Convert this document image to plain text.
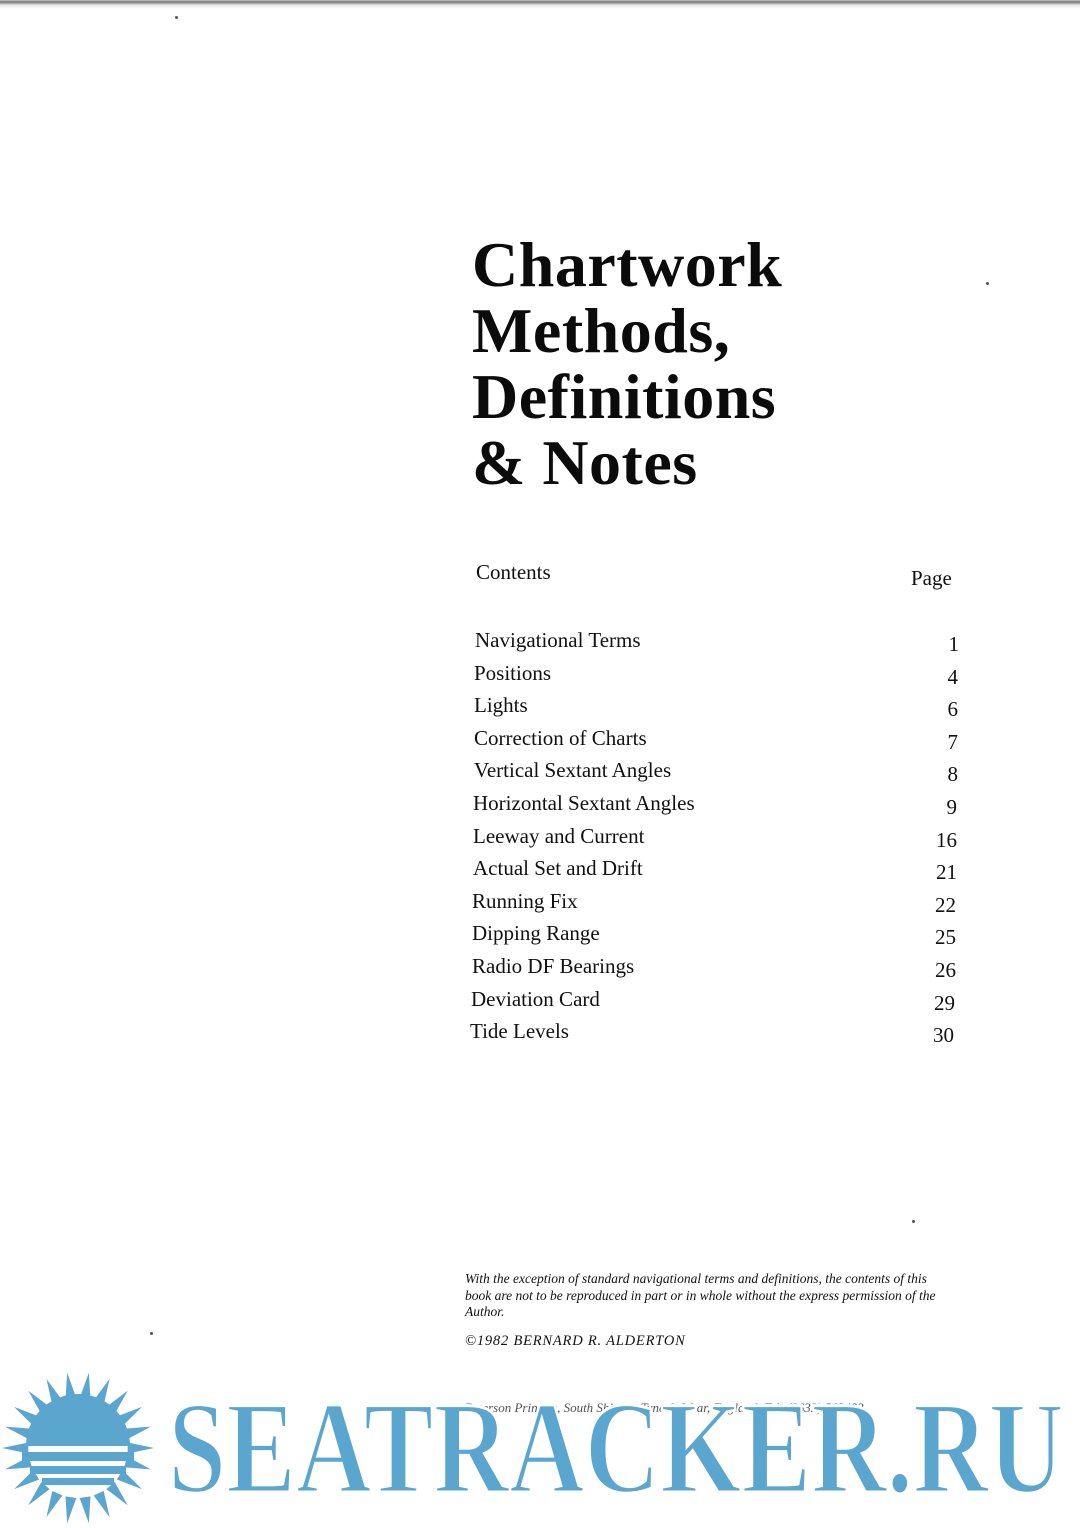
Chartwork
Methods,
Definitions
& Notes
Contents	Page
Navigational Terms	1
Positions	4
Lights	6
Correction of Charts	7
Vertical Sextant Angles	8
Horizontal Sextant Angles	9
Leeway and Current	16
Actual Set and Drift	21
Running Fix	22
Dipping Range	25
Radio DF Bearings	26
Deviation Card	29
Tide Levels	30

With the exception of standard navigational terms and definitions, the contents of this book are not to be reproduced in part or in whole without the express permission of the Author.

©1982 BERNARD R. ALDERTON
Peterson Printers, South Shields, Tyne & Wear, England. Tel: (0632) 563493
SEATRACKER.RU
